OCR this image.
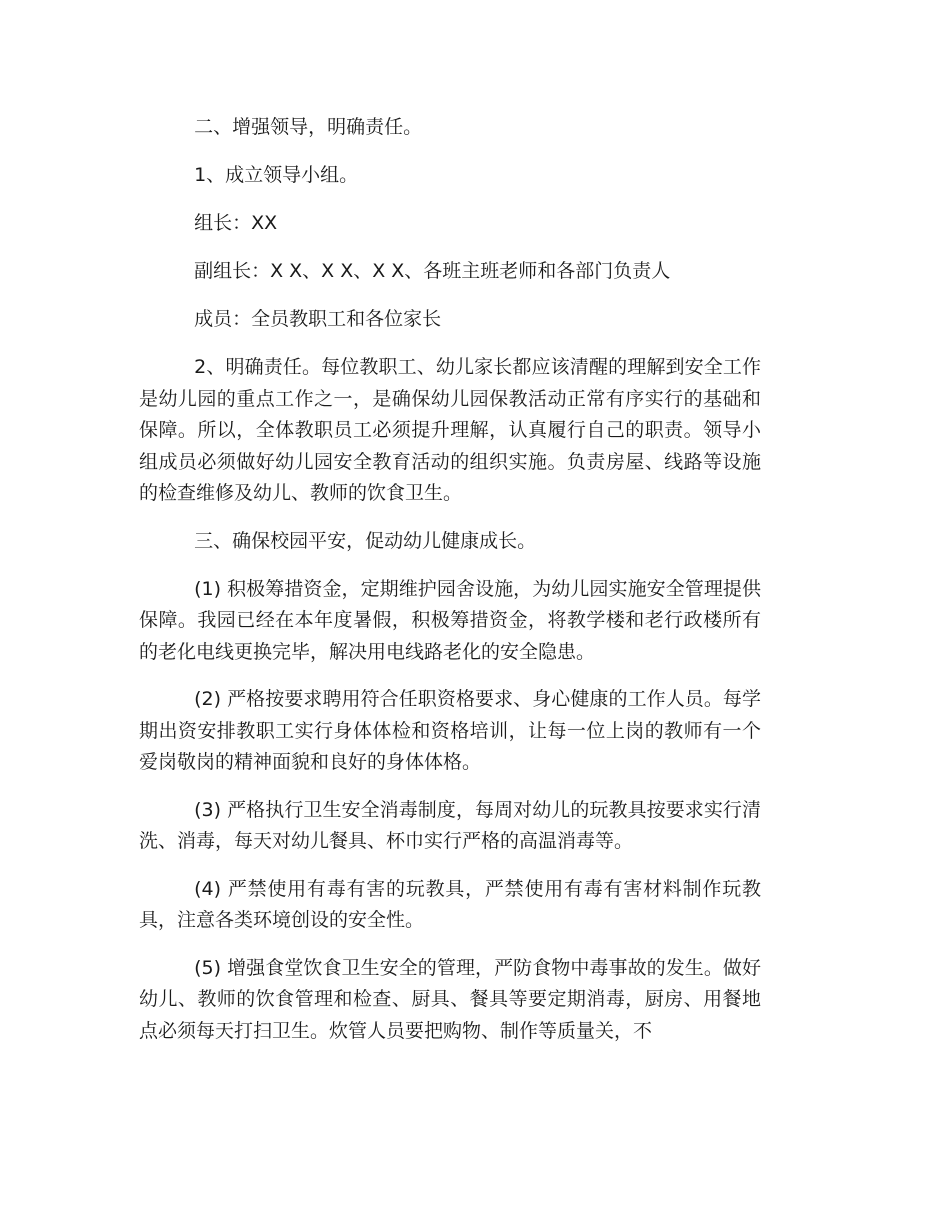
二、增强领导，明确责任。

1、成立领导小组。

组长：XX

副组长：X X、X X、X X、各班主班老师和各部门负责人

成员：全员教职工和各位家长

2、明确责任。每位教职工、幼儿家长都应该清醒的理解到安全工作是幼儿园的重点工作之一，是确保幼儿园保教活动正常有序实行的基础和保障。所以，全体教职员工必须提升理解，认真履行自己的职责。领导小组成员必须做好幼儿园安全教育活动的组织实施。负责房屋、线路等设施的检查维修及幼儿、教师的饮食卫生。

三、确保校园平安，促动幼儿健康成长。

(1) 积极筹措资金，定期维护园舍设施，为幼儿园实施安全管理提供保障。我园已经在本年度暑假，积极筹措资金，将教学楼和老行政楼所有的老化电线更换完毕，解决用电线路老化的安全隐患。

(2) 严格按要求聘用符合任职资格要求、身心健康的工作人员。每学期出资安排教职工实行身体体检和资格培训，让每一位上岗的教师有一个爱岗敬岗的精神面貌和良好的身体体格。

(3) 严格执行卫生安全消毒制度，每周对幼儿的玩教具按要求实行清洗、消毒，每天对幼儿餐具、杯巾实行严格的高温消毒等。

(4) 严禁使用有毒有害的玩教具，严禁使用有毒有害材料制作玩教具，注意各类环境创设的安全性。

(5) 增强食堂饮食卫生安全的管理，严防食物中毒事故的发生。做好幼儿、教师的饮食管理和检查、厨具、餐具等要定期消毒，厨房、用餐地点必须每天打扫卫生。炊管人员要把购物、制作等质量关，不
